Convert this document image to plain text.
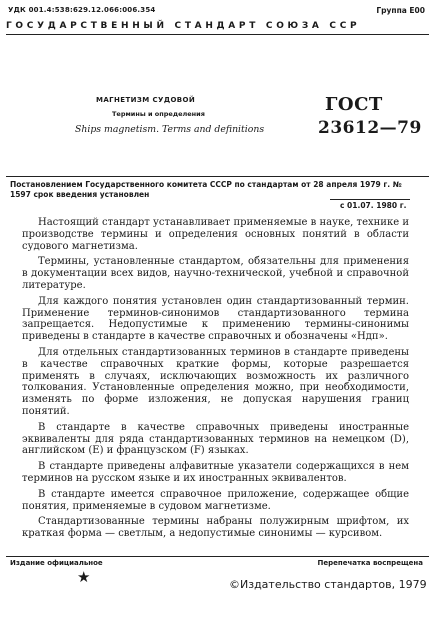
УДК 001.4:538:629.12.066:006.354	Группа Е00
ГОСУДАРСТВЕННЫЙ СТАНДАРТ СОЮЗА ССР
МАГНЕТИЗМ СУДОВОЙ
Термины и определения
Ships magnetism. Terms and definitions
ГОСТ
23612—79
Постановлением Государственного комитета СССР по стандартам от 28 апреля 1979 г. № 1597 срок введения установлен
с 01.07. 1980 г.

Настоящий стандарт устанавливает применяемые в науке, технике и производстве термины и определения основных понятий в области судового магнетизма.

Термины, установленные стандартом, обязательны для применения в документации всех видов, научно-технической, учебной и справочной литературе.

Для каждого понятия установлен один стандартизованный термин. Применение терминов-синонимов стандартизованного термина запрещается. Недопустимые к применению термины-синонимы приведены в стандарте в качестве справочных и обозначены «Ндп».

Для отдельных стандартизованных терминов в стандарте приведены в качестве справочных краткие формы, которые разрешается применять в случаях, исключающих возможность их различного толкования. Установленные определения можно, при необходимости, изменять по форме изложения, не допуская нарушения границ понятий.

В стандарте в качестве справочных приведены иностранные эквиваленты для ряда стандартизованных терминов на немецком (D), английском (E) и французском (F) языках.

В стандарте приведены алфавитные указатели содержащихся в нем терминов на русском языке и их иностранных эквивалентов.

В стандарте имеется справочное приложение, содержащее общие понятия, применяемые в судовом магнетизме.

Стандартизованные термины набраны полужирным шрифтом, их краткая форма — светлым, а недопустимые синонимы — курсивом.

Издание официальное	Перепечатка воспрещена
★	©Издательство стандартов, 1979
